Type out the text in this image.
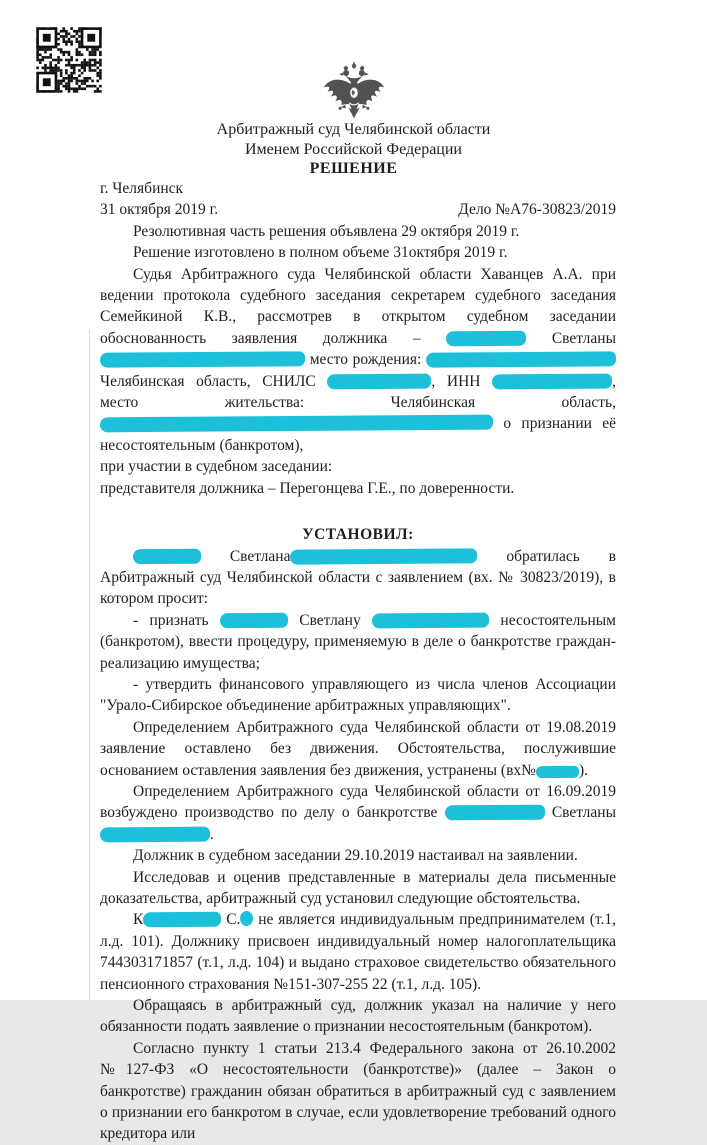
Арбитражный суд Челябинской области
Именем Российской Федерации
РЕШЕНИЕ
г. Челябинск
31 октября 2019 г.	Дело №А76-30823/2019

Резолютивная часть решения объявлена 29 октября 2019 г.

Решение изготовлено в полном объеме 31октября 2019 г.

Судья Арбитражного суда Челябинской области Хаванцев А.А. при ведении протокола судебного заседания секретарем судебного заседания Семейкиной К.В., рассмотрев в открытом судебном заседании обоснованность заявления должника –	Светланы  место рождения:  Челябинская область, СНИЛС	, ИНН	, место жительства: Челябинская область,  о признании её несостоятельным (банкротом),

при участии в судебном заседании:

представителя должника – Перегонцева Г.Е., по доверенности.

УСТАНОВИЛ:

Светлана	обратилась в Арбитражный суд Челябинской области с заявлением (вх. № 30823/2019), в котором просит:

- признать	Светлану	несостоятельным (банкротом), ввести процедуру, применяемую в деле о банкротстве граждан- реализацию имущества;

- утвердить финансового управляющего из числа членов Ассоциации "Урало-Сибирское объединение арбитражных управляющих".

Определением Арбитражного суда Челябинской области от 19.08.2019 заявление оставлено без движения. Обстоятельства, послужившие основанием оставления заявления без движения, устранены (вх№	).

Определением Арбитражного суда Челябинской области от 16.09.2019 возбуждено производство по делу о банкротстве	Светланы .

Должник в судебном заседании 29.10.2019 настаивал на заявлении.

Исследовав и оценив представленные в материалы дела письменные доказательства, арбитражный суд установил следующие обстоятельства.

К	С. не является индивидуальным предпринимателем (т.1, л.д. 101). Должнику присвоен индивидуальный номер налогоплательщика 744303171857 (т.1, л.д. 104) и выдано страховое свидетельство обязательного пенсионного страхования №151-307-255 22 (т.1, л.д. 105).

Обращаясь в арбитражный суд, должник указал на наличие у него обязанности подать заявление о признании несостоятельным (банкротом).

Согласно пункту 1 статьи 213.4 Федерального закона от 26.10.2002 №127-ФЗ «О несостоятельности (банкротстве)» (далее – Закон о банкротстве) гражданин обязан обратиться в арбитражный суд с заявлением о признании его банкротом в случае, если удовлетворение требований одного кредитора или
